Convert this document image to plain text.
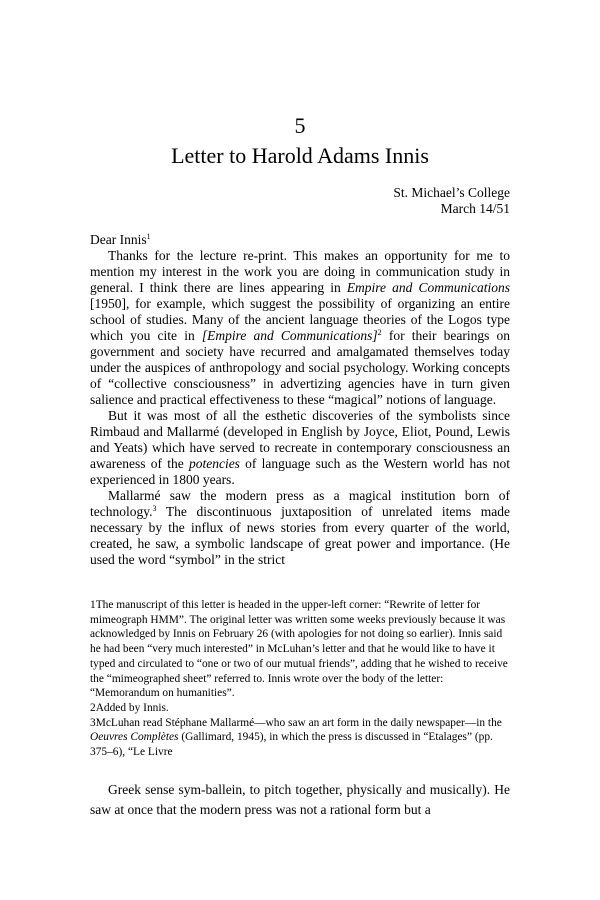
5
Letter to Harold Adams Innis
St. Michael’s College
March 14/51

Dear Innis$^1$

Thanks for the lecture re-print. This makes an opportunity for me to mention my interest in the work you are doing in communication study in general. I think there are lines appearing in Empire and Communications [1950], for example, which suggest the possibility of organizing an entire school of studies. Many of the ancient language theories of the Logos type which you cite in [Empire and Communications]$^2$ for their bearings on government and society have recurred and amalgamated themselves today under the auspices of anthropology and social psychology. Working concepts of “collective consciousness” in advertizing agencies have in turn given salience and practical effectiveness to these “magical” notions of language.

But it was most of all the esthetic discoveries of the symbolists since Rimbaud and Mallarmé (developed in English by Joyce, Eliot, Pound, Lewis and Yeats) which have served to recreate in contemporary consciousness an awareness of the potencies of language such as the Western world has not experienced in 1800 years.

Mallarmé saw the modern press as a magical institution born of technology.$^3$ The discontinuous juxtaposition of unrelated items made necessary by the influx of news stories from every quarter of the world, created, he saw, a symbolic landscape of great power and importance. (He used the word “symbol” in the strict

1The manuscript of this letter is headed in the upper-left corner: “Rewrite of letter for mimeograph HMM”. The original letter was written some weeks previously because it was acknowledged by Innis on February 26 (with apologies for not doing so earlier). Innis said he had been “very much interested” in McLuhan’s letter and that he would like to have it typed and circulated to “one or two of our mutual friends”, adding that he wished to receive the “mimeographed sheet” referred to. Innis wrote over the body of the letter: “Memorandum on humanities”.

2Added by Innis.

3McLuhan read Stéphane Mallarmé—who saw an art form in the daily newspaper—in the Oeuvres Complètes (Gallimard, 1945), in which the press is discussed in “Etalages” (pp. 375–6), “Le Livre

Greek sense sym-ballein, to pitch together, physically and musically). He saw at once that the modern press was not a rational form but a
